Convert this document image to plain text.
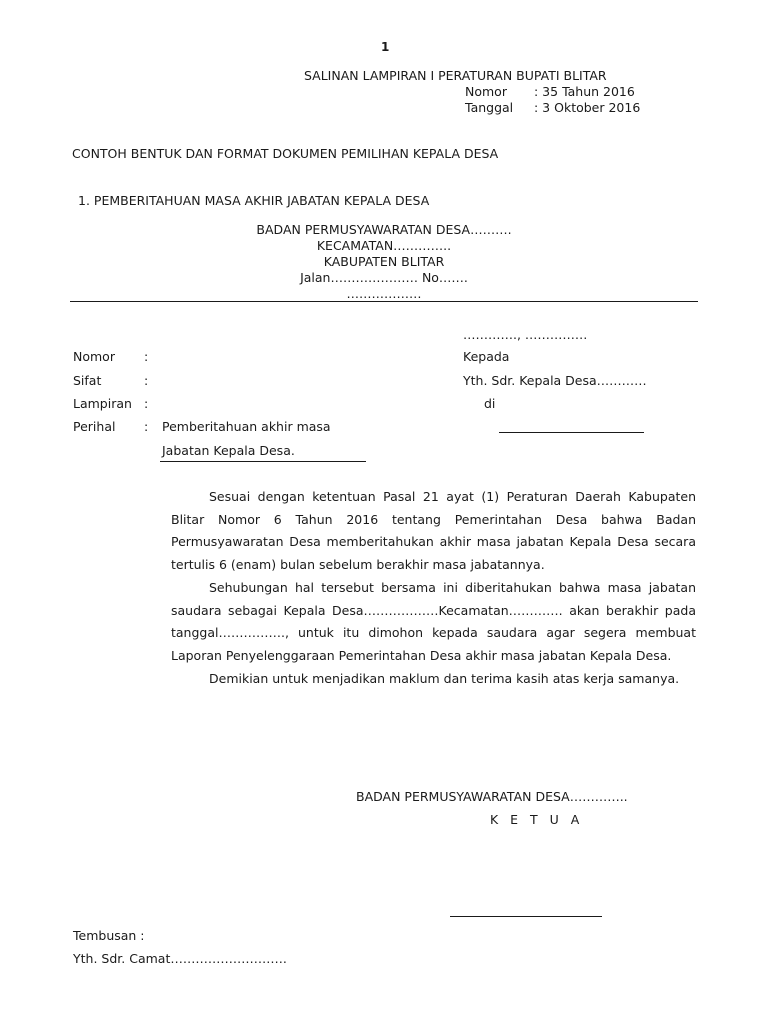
1
SALINAN LAMPIRAN I PERATURAN BUPATI BLITAR
Nomor : 35 Tahun 2016
Tanggal : 3 Oktober 2016
CONTOH BENTUK DAN FORMAT DOKUMEN PEMILIHAN KEPALA DESA
1. PEMBERITAHUAN MASA AKHIR JABATAN KEPALA DESA
BADAN PERMUSYAWARATAN DESA……….
KECAMATAN…………..
KABUPATEN BLITAR
Jalan………………… No…….
………………
…………., ……………
Nomor :	Kepada
Sifat	:	Yth. Sdr. Kepala Desa…………
Lampiran :	di
Perihal : Pemberitahuan akhir masa
Jabatan Kepala Desa.

Sesuai dengan ketentuan Pasal 21 ayat (1) Peraturan Daerah Kabupaten Blitar Nomor 6 Tahun 2016 tentang Pemerintahan Desa bahwa Badan Permusyawaratan Desa memberitahukan akhir masa jabatan Kepala Desa secara tertulis 6 (enam) bulan sebelum berakhir masa jabatannya.

Sehubungan hal tersebut bersama ini diberitahukan bahwa masa jabatan saudara sebagai Kepala Desa………………Kecamatan…………. akan berakhir pada tanggal……………., untuk itu dimohon kepada saudara agar segera membuat Laporan Penyelenggaraan Pemerintahan Desa akhir masa jabatan Kepala Desa.

Demikian untuk menjadikan maklum dan terima kasih atas kerja samanya.

BADAN PERMUSYAWARATAN DESA…………..
K E T U A
Tembusan :
Yth. Sdr. Camat……………………….
